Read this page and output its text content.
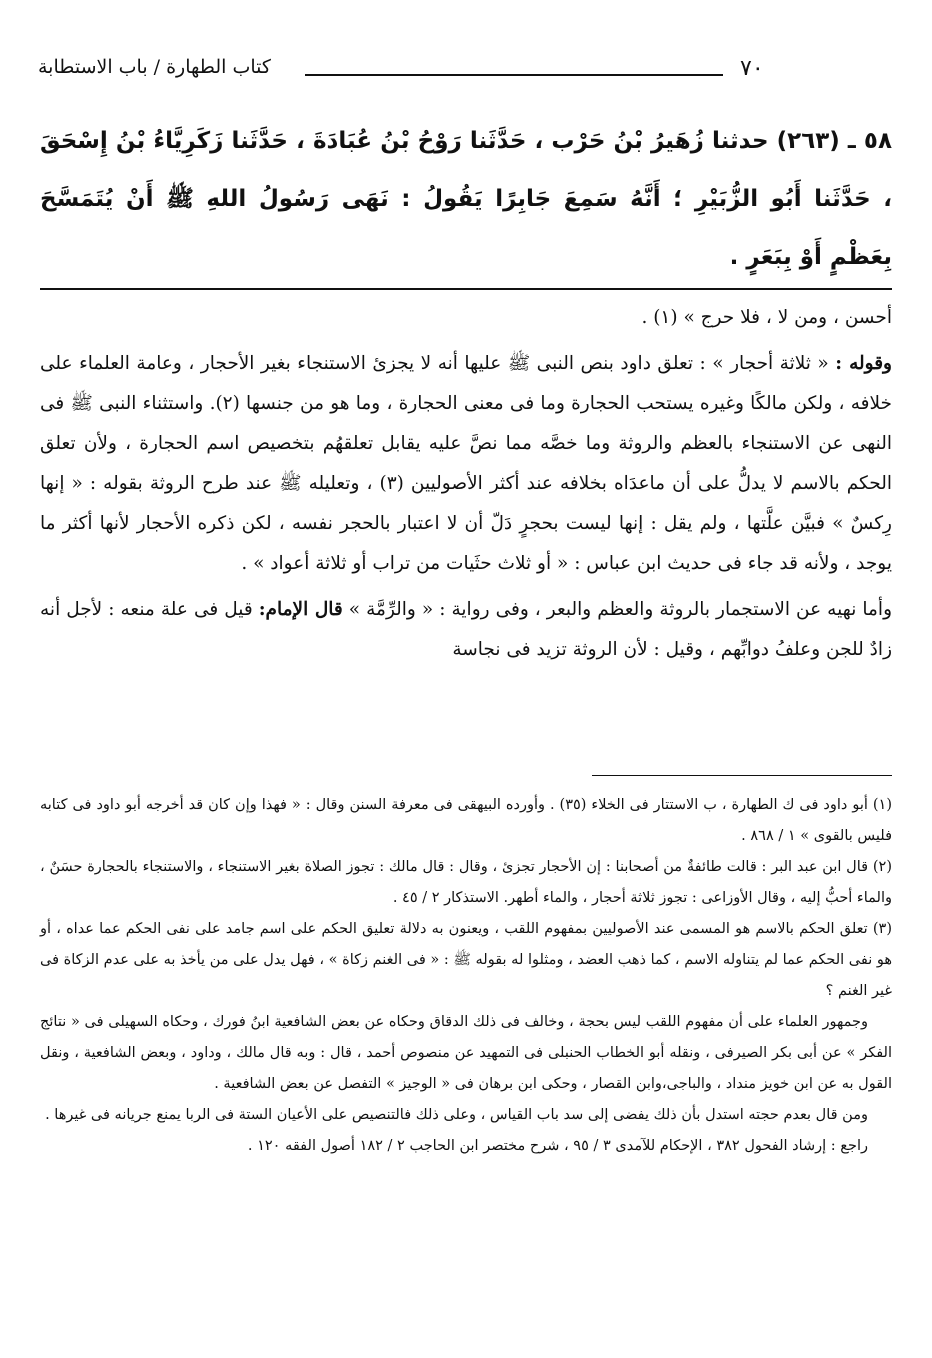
٧٠
كتاب الطهارة / باب الاستطابة
٥٨ ـ (٢٦٣) حدثنا زُهَيرُ بْنُ حَرْب ، حَدَّثَنا رَوْحُ بْنُ عُبَادَةَ ، حَدَّثَنا زَكَرِيَّاءُ بْنُ إِسْحَقَ ، حَدَّثَنا أَبُو الزُّبَيْرِ ؛ أَنَّهُ سَمِعَ جَابِرًا يَقُولُ : نَهَى رَسُولُ اللهِ ﷺ أَنْ يُتَمَسَّحَ بِعَظْمٍ أَوْ بِبَعَرٍ .

أحسن ، ومن لا ، فلا حرج » (١) .

وقوله : « ثلاثة أحجار » : تعلق داود بنص النبى ﷺ عليها أنه لا يجزئ الاستنجاء بغير الأحجار ، وعامة العلماء على خلافه ، ولكن مالكًا وغيره يستحب الحجارة وما فى معنى الحجارة ، وما هو من جنسها (٢). واستثناء النبى ﷺ فى النهى عن الاستنجاء بالعظم والروثة وما خصَّه مما نصَّ عليه يقابل تعلقهُم بتخصيص اسم الحجارة ، ولأن تعلق الحكم بالاسم لا يدلُّ على أن ماعدَاه بخلافه عند أكثر الأصوليين (٣) ، وتعليله ﷺ عند طرح الروثة بقوله : « إنها رِكسٌ » فبيَّن علَّتها ، ولم يقل : إنها ليست بحجرٍ دَلّ أن لا اعتبار بالحجر نفسه ، لكن ذكره الأحجار لأنها أكثر ما يوجد ، ولأنه قد جاء فى حديث ابن عباس : « أو ثلاث حثَيات من تراب أو ثلاثة أعواد » .

وأما نهيه عن الاستجمار بالروثة والعظم والبعر ، وفى رواية : « والرِّمَّة » قال الإمام: قيل فى علة منعه : لأجل أنه زادٌ للجن وعلفُ دوابِّهم ، وقيل : لأن الروثة تزيد فى نجاسة

(١) أبو داود فى ك الطهارة ، ب الاستتار فى الخلاء (٣٥) . وأورده البيهقى فى معرفة السنن وقال : « فهذا وإن كان قد أخرجه أبو داود فى كتابه فليس بالقوى » ١ / ٨٦٨ .

(٢) قال ابن عبد البر : قالت طائفةٌ من أصحابنا : إن الأحجار تجزئ ، وقال : قال مالك : تجوز الصلاة بغير الاستنجاء ، والاستنجاء بالحجارة حسَنٌ ، والماء أحبُّ إليه ، وقال الأوزاعى : تجوز ثلاثة أحجار ، والماء أطهر. الاستذكار ٢ / ٤٥ .

(٣) تعلق الحكم بالاسم هو المسمى عند الأصوليين بمفهوم اللقب ، ويعنون به دلالة تعليق الحكم على اسم جامد على نفى الحكم عما عداه ، أو هو نفى الحكم عما لم يتناوله الاسم ، كما ذهب العضد ، ومثلوا له بقوله ﷺ : « فى الغنم زكاة » ، فهل يدل على من يأخذ به على عدم الزكاة فى غير الغنم ؟

وجمهور العلماء على أن مفهوم اللقب ليس بحجة ، وخالف فى ذلك الدقاق وحكاه عن بعض الشافعية ابنُ فورك ، وحكاه السهيلى فى « نتائج الفكر » عن أبى بكر الصيرفى ، ونقله أبو الخطاب الحنبلى فى التمهيد عن منصوص أحمد ، قال : وبه قال مالك ، وداود ، وبعض الشافعية ، ونقل القول به عن ابن خويز منداد ، والباجى،وابن القصار ، وحكى ابن برهان فى « الوجيز » التفصل عن بعض الشافعية .

ومن قال بعدم حجته استدل بأن ذلك يفضى إلى سد باب القياس ، وعلى ذلك فالتنصيص على الأعيان الستة فى الربا يمنع جريانه فى غيرها .

راجع : إرشاد الفحول ٣٨٢ ، الإحكام للآمدى ٣ / ٩٥ ، شرح مختصر ابن الحاجب ٢ / ١٨٢ أصول الفقه ١٢٠ .
